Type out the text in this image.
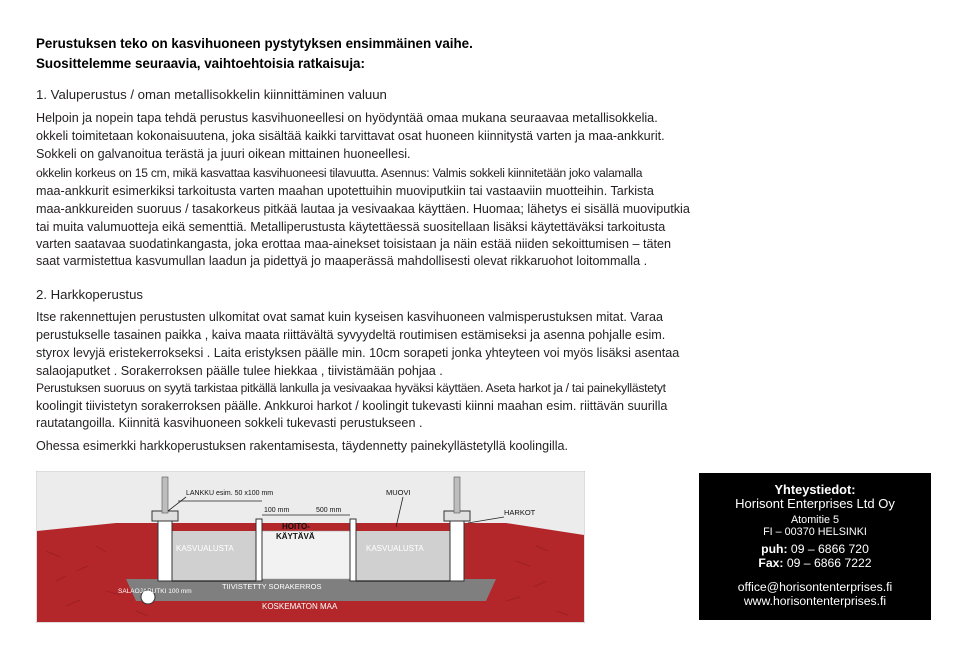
Perustuksen teko on kasvihuoneen pystytyksen ensimmäinen vaihe.
Suosittelemme seuraavia, vaihtoehtoisia ratkaisuja:
1. Valuperustus / oman metallisokkelin kiinnittäminen valuun
Helpoin ja nopein tapa tehdä perustus kasvihuoneellesi on hyödyntää omaa mukana seuraavaa metallisokkelia.
okkeli toimitetaan kokonaisuutena, joka sisältää kaikki tarvittavat osat huoneen kiinnitystä varten ja maa-ankkurit.
Sokkeli on galvanoitua terästä ja juuri oikean mittainen huoneellesi.
okkelin korkeus on 15 cm, mikä kasvattaa kasvihuoneesi tilavuutta. Asennus: Valmis sokkeli kiinnitetään joko valamalla
maa-ankkurit esimerkiksi tarkoitusta varten maahan upotettuihin muoviputkiin tai vastaaviin muotteihin. Tarkista
maa-ankkureiden suoruus / tasakorkeus pitkää lautaa ja vesivaakaa käyttäen. Huomaa; lähetys ei sisällä muoviputkia
tai muita valumuotteja eikä sementtiä. Metalliperustusta käytettäessä suositellaan lisäksi käytettäväksi tarkoitusta
varten saatavaa suodatinkangasta, joka erottaa maa-ainekset toisistaan ja näin estää niiden sekoittumisen – täten
saat varmistettua kasvumullan laadun ja pidettyä jo maaperässä mahdollisesti olevat rikkaruohot loitommalla .
2. Harkkoperustus
Itse rakennettujen perustusten ulkomitat ovat samat kuin kyseisen kasvihuoneen valmisperustuksen mitat. Varaa
perustukselle tasainen paikka , kaiva maata riittävältä syvyydeltä routimisen estämiseksi ja asenna pohjalle esim.
styrox levyjä eristekerrokseksi . Laita eristyksen päälle min. 10cm sorapeti jonka yhteyteen voi myös lisäksi asentaa
salaojaputket . Sorakerroksen päälle tulee hiekkaa , tiivistämään pohjaa .
Perustuksen suoruus on syytä tarkistaa pitkällä lankulla ja vesivaakaa hyväksi käyttäen. Aseta harkot ja / tai painekyllästetyt
koolingit tiivistetyn sorakerroksen päälle. Ankkuroi harkot / koolingit tukevasti kiinni maahan esim. riittävän suurilla
rautatangoilla. Kiinnitä kasvihuoneen sokkeli tukevasti perustukseen .
Ohessa esimerkki harkkoperustuksen rakentamisesta, täydennetty painekyllästetyllä koolingilla.
LANKKU esim. 50 x100 mm
100 mm	500 mm
MUOVI
HARKOT
HOITO-
KÄYTÄVÄ
KASVUALUSTA	KASVUALUSTA
TIIVISTETTY SORAKERROS
SALAOJAPUTKI 100 mm
KOSKEMATON MAA
Yhteystiedot:
Horisont Enterprises Ltd Oy
Atomitie 5
FI – 00370 HELSINKI
puh: 09 – 6866 720
Fax: 09 – 6866 7222
office@horisontenterprises.fi
www.horisontenterprises.fi
